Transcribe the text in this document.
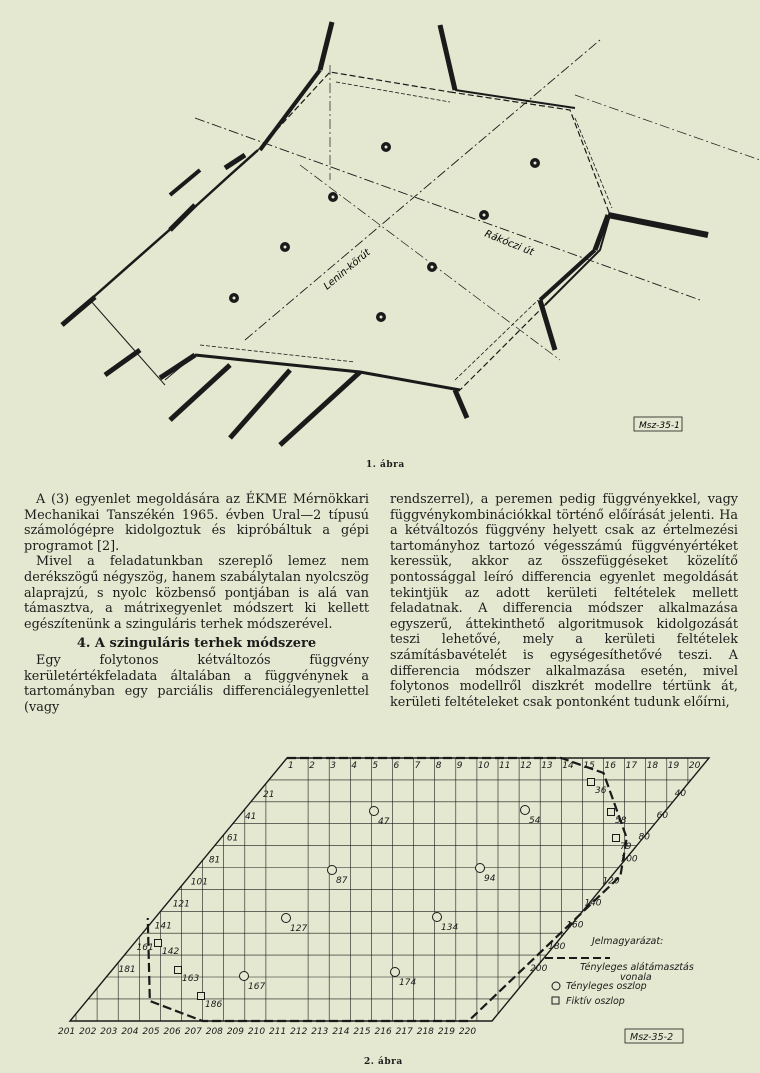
Lenin-körút
Rákóczi út
Msz-35-1
1. ábra

A (3) egyenlet megoldására az ÉKME Mérnökkari Mechanikai Tanszékén 1965. évben Ural—2 típusú számológépre kidolgoztuk és kipróbáltuk a gépi programot [2].

Mivel a feladatunkban szereplő lemez nem derékszögű négyszög, hanem szabálytalan nyolcszög alaprajzú, s nyolc közbenső pontjában is alá van támasztva, a mátrixegyenlet módszert ki kellett egészítenünk a szinguláris terhek módszerével.

4. A szinguláris terhek módszere

Egy folytonos kétváltozós függvény kerületértékfeladata általában a függvénynek a tartományban egy parciális differenciálegyenlettel (vagy

rendszerrel), a peremen pedig függvényekkel, vagy függvénykombinációkkal történő előírását jelenti. Ha a kétváltozós függvény helyett csak az értelmezési tartományhoz tartozó végesszámú függvényértéket keressük, akkor az összefüggéseket közelítő pontossággal leíró differencia egyenlet megoldását tekintjük az adott kerületi feltételek mellett feladatnak. A differencia módszer alkalmazása egyszerű, áttekinthető algoritmusok kidolgozását teszi lehetővé, mely a kerületi feltételek számításbavételét is egységesíthetővé teszi. A differencia módszer alkalmazása esetén, mivel folytonos modellről diszkrét modellre tértünk át, kerületi feltételeket csak pontonként tudunk előírni,

47	54
87	94
127	134
167	174
36
58
79
142
163
186
1 2 3 4 5 6 7 8 9 10 11 12 13 14 15 16 17 18 19 20
201 202 203 204 205 206 207 208 209 210 211 212 213 214 215 216 217 218 219 220
21
41
61
81
101
121
141
161
181
40
60
80
100
120
140
160
180
200
Jelmagyarázat:
Tényleges alátámasztás
vonala
Tényleges oszlop
Fiktív oszlop
Msz-35-2
2. ábra
